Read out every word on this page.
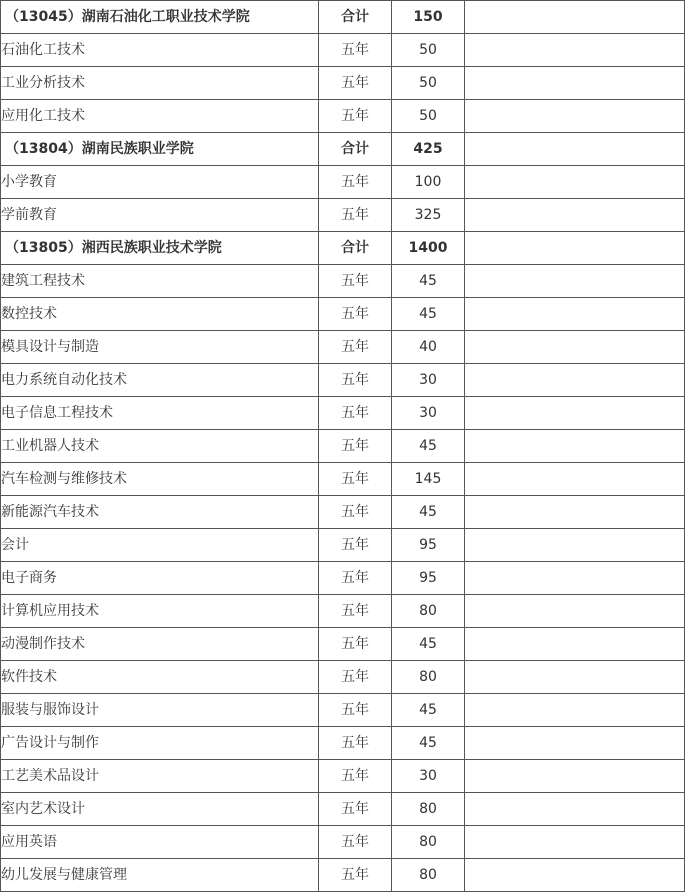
（13045）湖南石油化工职业技术学院	合计	150	
石油化工技术	五年	50	
工业分析技术	五年	50	
应用化工技术	五年	50	
（13804）湖南民族职业学院	合计	425	
小学教育	五年	100	
学前教育	五年	325	
（13805）湘西民族职业技术学院	合计	1400	
建筑工程技术	五年	45	
数控技术	五年	45	
模具设计与制造	五年	40	
电力系统自动化技术	五年	30	
电子信息工程技术	五年	30	
工业机器人技术	五年	45	
汽车检测与维修技术	五年	145	
新能源汽车技术	五年	45	
会计	五年	95	
电子商务	五年	95	
计算机应用技术	五年	80	
动漫制作技术	五年	45	
软件技术	五年	80	
服装与服饰设计	五年	45	
广告设计与制作	五年	45	
工艺美术品设计	五年	30	
室内艺术设计	五年	80	
应用英语	五年	80	
幼儿发展与健康管理	五年	80	
